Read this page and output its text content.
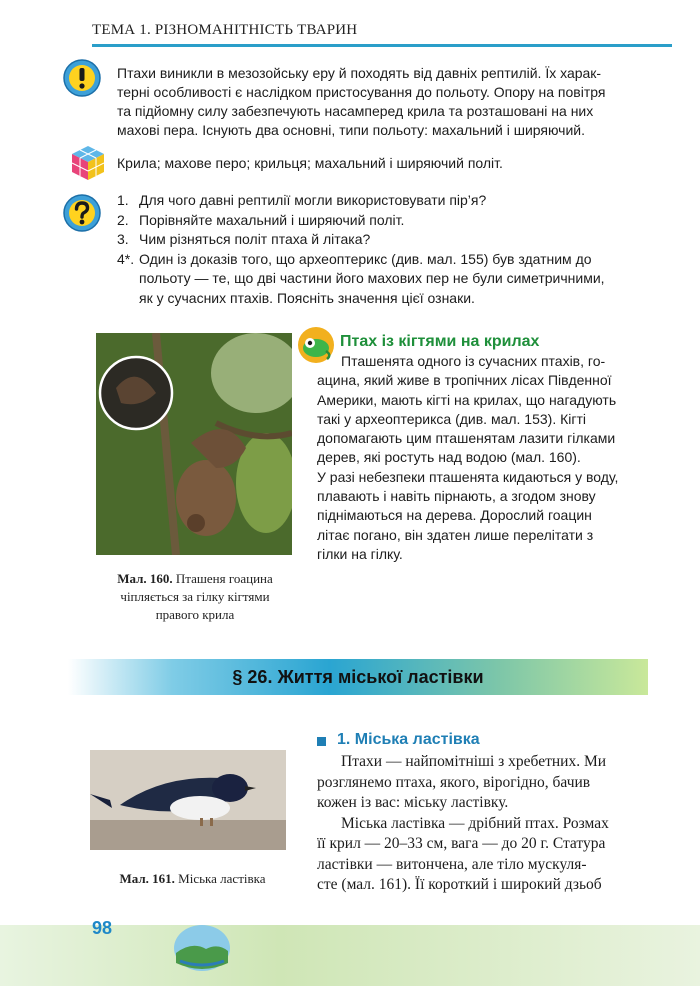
ТЕМА 1. РІЗНОМАНІТНІСТЬ ТВАРИН
Птахи виникли в мезозойську еру й походять від давніх рептилій. Їх харак-
терні особливості є наслідком пристосування до польоту. Опору на повітря
та підйомну силу забезпечують насамперед крила та розташовані на них
махові пера. Існують два основні, типи польоту: махальний і ширяючий.
Крила; махове перо; крильця; махальний і ширяючий політ.
1. Для чого давні рептилії могли використовувати пір’я?
2. Порівняйте махальний і ширяючий політ.
3. Чим різняться політ птаха й літака?
4*. Один із доказів того, що археоптерикс (див. мал. 155) був здатним до
польоту — те, що дві частини його махових пер не були симетричними,
як у сучасних птахів. Поясніть значення цієї ознаки.
Мал. 160. Пташеня гоацина
чіпляється за гілку кігтями
правого крила
Птах із кігтями на крилах
Пташенята одного із сучасних птахів, го-
ацина, який живе в тропічних лісах Південної
Америки, мають кігті на крилах, що нагадують
такі у археоптерикса (див. мал. 153). Кігті
допомагають цим пташенятам лазити гілками
дерев, які ростуть над водою (мал. 160).
У разі небезпеки пташенята кидаються у воду,
плавають і навіть пірнають, а згодом знову
піднімаються на дерева. Дорослий гоацин
літає погано, він здатен лише перелітати з
гілки на гілку.
§ 26. Життя міської ластівки
Мал. 161. Міська ластівка
1. Міська ластівка
Птахи — найпомітніші з хребетних. Ми
розглянемо птаха, якого, вірогідно, бачив
кожен із вас: міську ластівку.
Міська ластівка — дрібний птах. Розмах
її крил — 20–33 см, вага — до 20 г. Статура
ластівки — витончена, але тіло мускуля-
сте (мал. 161). Її короткий і широкий дзьоб
98
